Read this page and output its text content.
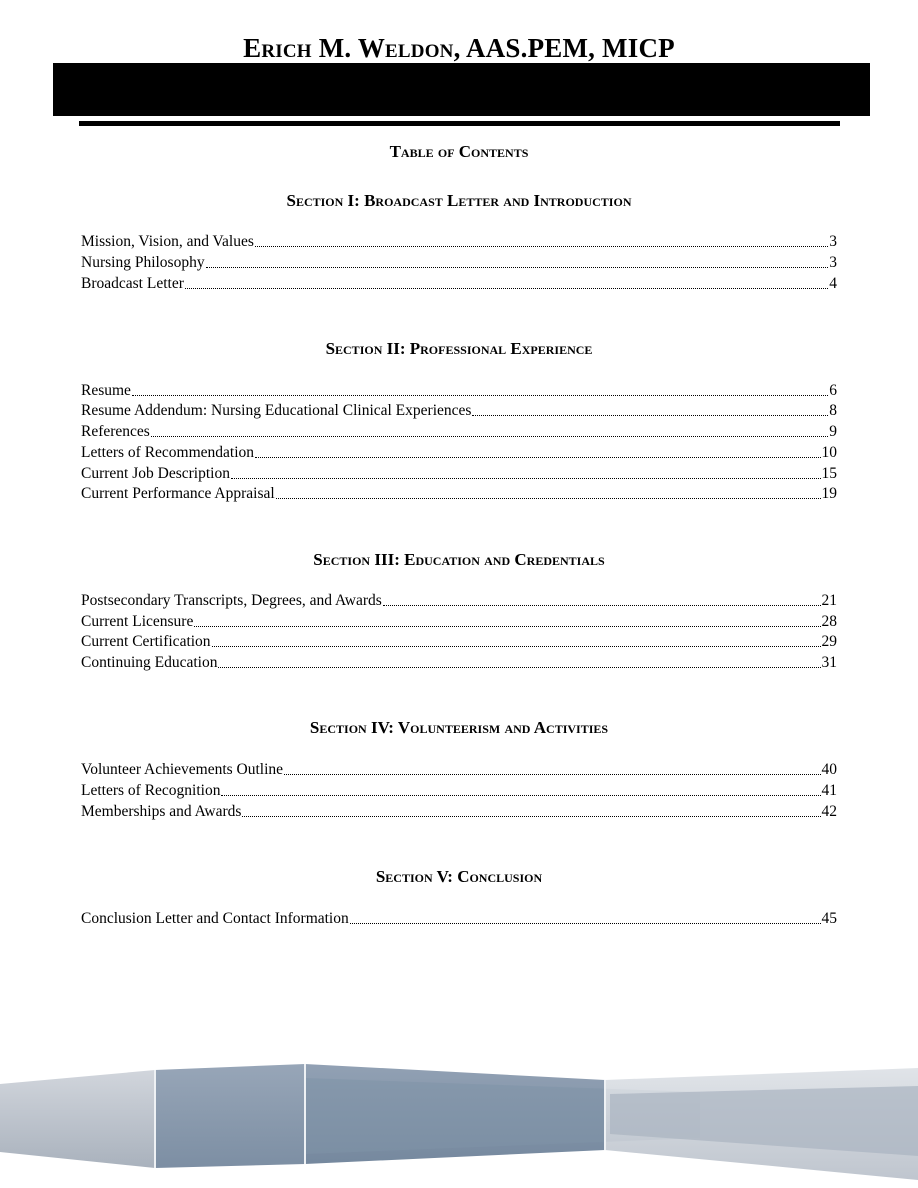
Erich M. Weldon, AAS.PEM, MICP
Table of Contents
Section I: Broadcast Letter and Introduction
Mission, Vision, and Values	3
Nursing Philosophy	3
Broadcast Letter	4
Section II: Professional Experience
Resume	6
Resume Addendum: Nursing Educational Clinical Experiences	8
References	9
Letters of Recommendation	10
Current Job Description	15
Current Performance Appraisal	19
Section III: Education and Credentials
Postsecondary Transcripts, Degrees, and Awards	21
Current Licensure	28
Current Certification	29
Continuing Education	31
Section IV: Volunteerism and Activities
Volunteer Achievements Outline	40
Letters of Recognition	41
Memberships and Awards	42
Section V: Conclusion
Conclusion Letter and Contact Information	45
